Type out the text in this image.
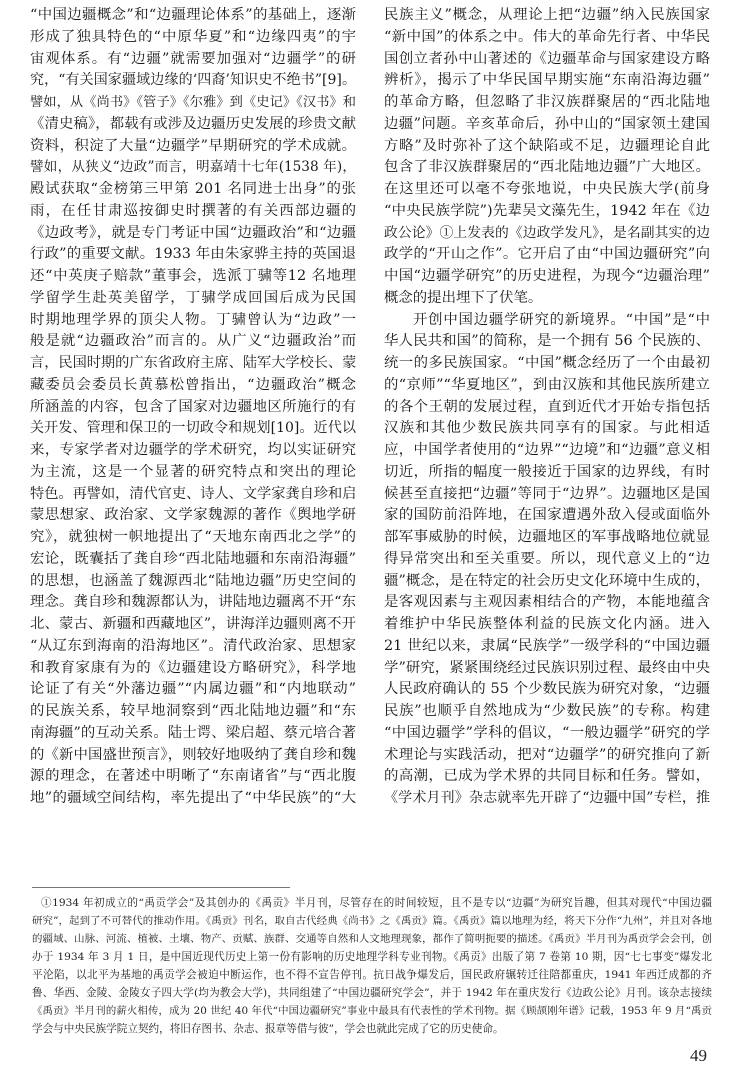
“中国边疆概念”和“边疆理论体系”的基础上，逐渐
形成了独具特色的“中原华夏”和“边缘四夷”的宇
宙观体系。有“边疆”就需要加强对“边疆学”的研
究，“有关国家疆域边缘的‘四裔’知识史不绝书”[9]。
譬如，从《尚书》《管子》《尔雅》到《史记》《汉书》和
《清史稿》，都载有或涉及边疆历史发展的珍贵文献
资料，积淀了大量“边疆学”早期研究的学术成就。
譬如，从狭义“边政”而言，明嘉靖十七年(1538 年)，
殿试获取“金榜第三甲第 201 名同进士出身”的张
雨，在任甘肃巡按御史时撰著的有关西部边疆的
《边政考》，就是专门考证中国“边疆政治”和“边疆
行政”的重要文献。1933 年由朱家骅主持的英国退
还“中英庚子赔款”董事会，选派丁骕等12 名地理
学留学生赴英美留学，丁骕学成回国后成为民国
时期地理学界的顶尖人物。丁骕曾认为“边政”一
般是就“边疆政治”而言的。从广义“边疆政治”而
言，民国时期的广东省政府主席、陆军大学校长、蒙
藏委员会委员长黄慕松曾指出，“边疆政治”概念
所涵盖的内容，包含了国家对边疆地区所施行的有
关开发、管理和保卫的一切政令和规划[10]。近代以
来，专家学者对边疆学的学术研究，均以实证研究
为主流，这是一个显著的研究特点和突出的理论
特色。再譬如，清代官吏、诗人、文学家龚自珍和启
蒙思想家、政治家、文学家魏源的著作《舆地学研
究》，就独树一帜地提出了“天地东南西北之学”的
宏论，既囊括了龚自珍“西北陆地疆和东南沿海疆”
的思想，也涵盖了魏源西北“陆地边疆”历史空间的
理念。龚自珍和魏源都认为，讲陆地边疆离不开“东
北、蒙古、新疆和西藏地区”，讲海洋边疆则离不开
“从辽东到海南的沿海地区”。清代政治家、思想家
和教育家康有为的《边疆建设方略研究》，科学地
论证了有关“外藩边疆”“内属边疆”和“内地联动”
的民族关系，较早地洞察到“西北陆地边疆”和“东
南海疆”的互动关系。陆士谔、梁启超、蔡元培合著
的《新中国盛世预言》，则较好地吸纳了龚自珍和魏
源的理念，在著述中明晰了“东南诸省”与“西北腹
地”的疆域空间结构，率先提出了“中华民族”的“大
民族主义”概念，从理论上把“边疆”纳入民族国家
“新中国”的体系之中。伟大的革命先行者、中华民
国创立者孙中山著述的《边疆革命与国家建设方略
辨析》，揭示了中华民国早期实施“东南沿海边疆”
的革命方略，但忽略了非汉族群聚居的“西北陆地
边疆”问题。辛亥革命后，孙中山的“国家领土建国
方略”及时弥补了这个缺陷或不足，边疆理论自此
包含了非汉族群聚居的“西北陆地边疆”广大地区。
在这里还可以毫不夸张地说，中央民族大学(前身
“中央民族学院”)先辈吴文藻先生，1942 年在《边
政公论》①上发表的《边政学发凡》，是名副其实的边
政学的“开山之作”。它开启了由“中国边疆研究”向
中国“边疆学研究”的历史进程，为现今“边疆治理”
概念的提出埋下了伏笔。
开创中国边疆学研究的新境界。“中国”是“中
华人民共和国”的简称，是一个拥有 56 个民族的、
统一的多民族国家。“中国”概念经历了一个由最初
的“京师”“华夏地区”，到由汉族和其他民族所建立
的各个王朝的发展过程，直到近代才开始专指包括
汉族和其他少数民族共同享有的国家。与此相适
应，中国学者使用的“边界”“边境”和“边疆”意义相
切近，所指的幅度一般接近于国家的边界线，有时
候甚至直接把“边疆”等同于“边界”。边疆地区是国
家的国防前沿阵地，在国家遭遇外敌入侵或面临外
部军事威胁的时候，边疆地区的军事战略地位就显
得异常突出和至关重要。所以，现代意义上的“边
疆”概念，是在特定的社会历史文化环境中生成的，
是客观因素与主观因素相结合的产物，本能地蕴含
着维护中华民族整体利益的民族文化内涵。进入
21 世纪以来，隶属“民族学”一级学科的“中国边疆
学”研究，紧紧围绕经过民族识别过程、最终由中央
人民政府确认的 55 个少数民族为研究对象，“边疆
民族”也顺乎自然地成为“少数民族”的专称。构建
“中国边疆学”学科的倡议，“一般边疆学”研究的学
术理论与实践活动，把对“边疆学”的研究推向了新
的高潮，已成为学术界的共同目标和任务。譬如，
《学术月刊》杂志就率先开辟了“边疆中国”专栏，推
①1934 年初成立的“禹贡学会”及其创办的《禹贡》半月刊，尽管存在的时间较短，且不是专以“边疆”为研究旨趣，但其对现代“中国边疆
研究”，起到了不可替代的推动作用。《禹贡》刊名，取自古代经典《尚书》之《禹贡》篇。《禹贡》篇以地理为经，将天下分作“九州”，并且对各地
的疆域、山脉、河流、植被、土壤、物产、贡赋、族群、交通等自然和人文地理现象，都作了简明扼要的描述。《禹贡》半月刊为禹贡学会会刊，创
办于 1934 年 3 月 1 日，是中国近现代历史上第一份有影响的历史地理学科专业刊物。《禹贡》出版了第 7 卷第 10 期，因“七七事变”爆发北
平沦陷，以北平为基地的禹贡学会被迫中断运作，也不得不宣告停刊。抗日战争爆发后，国民政府辗转迁往陪都重庆，1941 年西迁成都的齐
鲁、华西、金陵、金陵女子四大学(均为教会大学)，共同组建了“中国边疆研究学会”，并于 1942 年在重庆发行《边政公论》月刊。该杂志接续
《禹贡》半月刊的薪火相传，成为 20 世纪 40 年代“中国边疆研究”事业中最具有代表性的学术刊物。据《顾颉刚年谱》记载，1953 年 9 月“禹贡
学会与中央民族学院立契约，将旧存图书、杂志、报章等借与彼”，学会也就此完成了它的历史使命。
49
